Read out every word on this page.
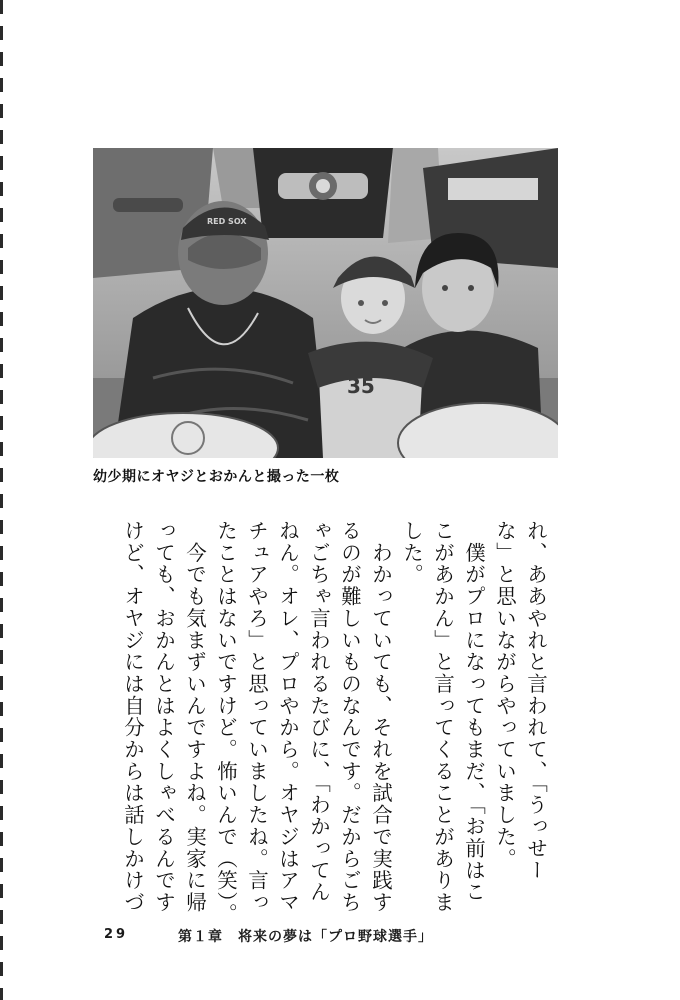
RED SOX
35
幼少期にオヤジとおかんと撮った一枚
れ、ああやれと言われて、「うっせー
な」と思いながらやっていました。
　僕がプロになってもまだ、「お前はこ
こがあかん」と言ってくることがありま
した。
　わかっていても、それを試合で実践す
るのが難しいものなんです。だからごち
ゃごちゃ言われるたびに、「わかってん
ねん。オレ、プロやから。オヤジはアマ
チュアやろ」と思っていましたね。言っ
たことはないですけど。怖いんで（笑）。
　今でも気まずいんですよね。実家に帰
っても、おかんとはよくしゃべるんです
けど、オヤジには自分からは話しかけづ
29	第１章　将来の夢は「プロ野球選手」
